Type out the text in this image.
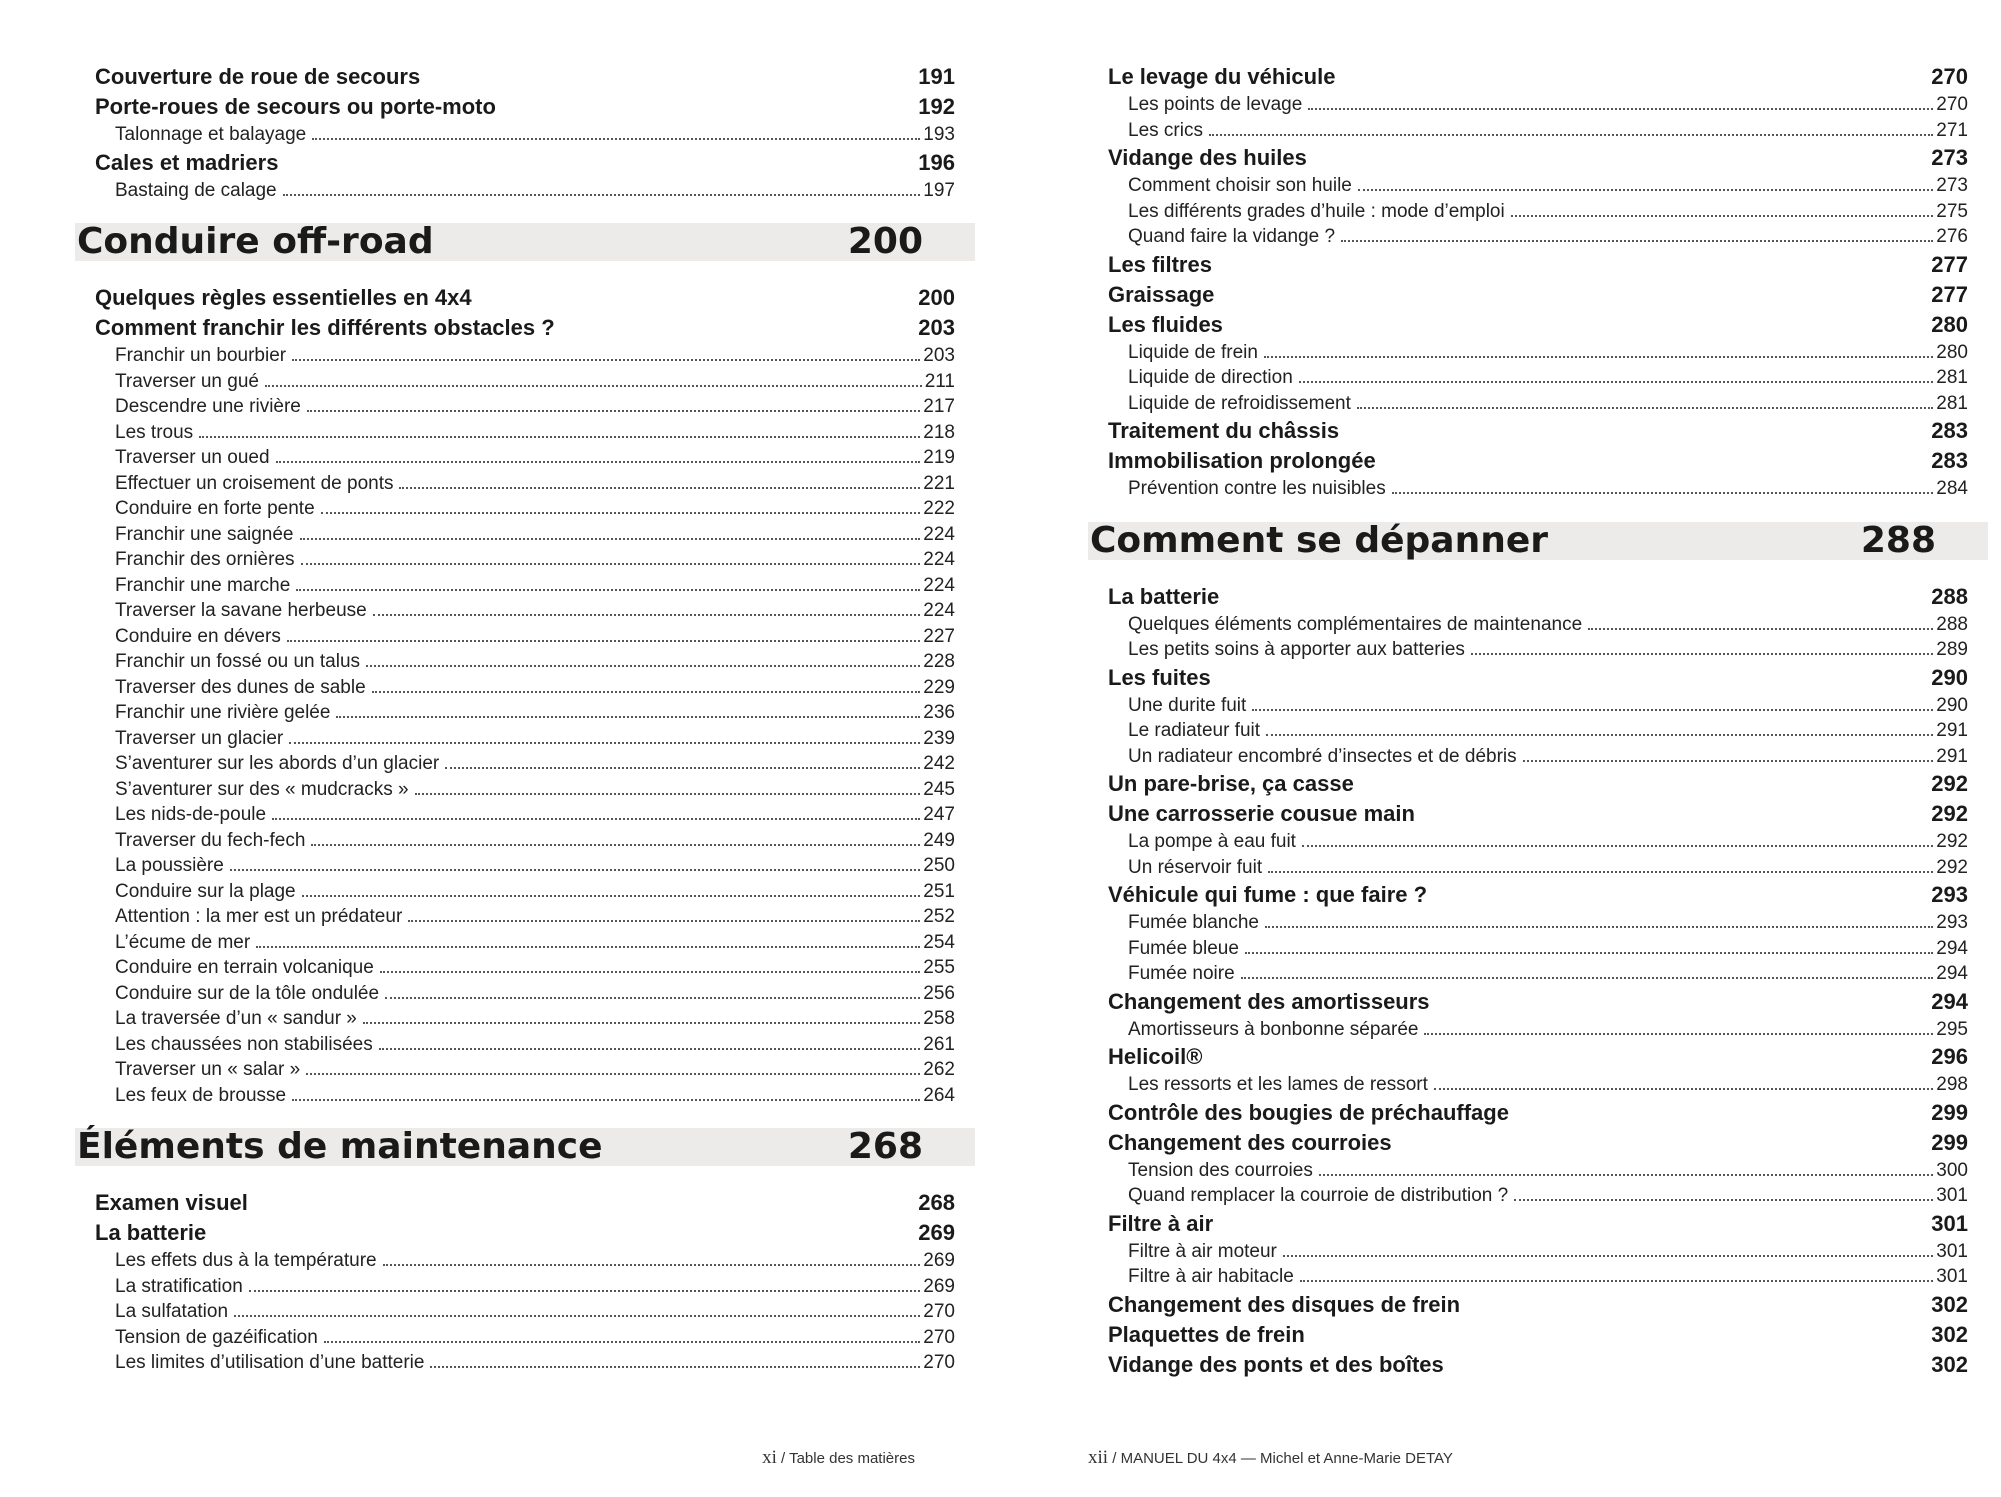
Couverture de roue de secours	191
Porte-roues de secours ou porte-moto	192
Talonnage et balayage	193
Cales et madriers	196
Bastaing de calage	197
Conduire off-road	200
Quelques règles essentielles en 4x4	200
Comment franchir les différents obstacles ?	203
Franchir un bourbier	203
Traverser un gué	211
Descendre une rivière	217
Les trous	218
Traverser un oued	219
Effectuer un croisement de ponts	221
Conduire en forte pente	222
Franchir une saignée	224
Franchir des ornières	224
Franchir une marche	224
Traverser la savane herbeuse	224
Conduire en dévers	227
Franchir un fossé ou un talus	228
Traverser des dunes de sable	229
Franchir une rivière gelée	236
Traverser un glacier	239
S’aventurer sur les abords d’un glacier	242
S’aventurer sur des « mudcracks »	245
Les nids-de-poule	247
Traverser du fech-fech	249
La poussière	250
Conduire sur la plage	251
Attention : la mer est un prédateur	252
L’écume de mer	254
Conduire en terrain volcanique	255
Conduire sur de la tôle ondulée	256
La traversée d’un « sandur »	258
Les chaussées non stabilisées	261
Traverser un « salar »	262
Les feux de brousse	264
Éléments de maintenance	268
Examen visuel	268
La batterie	269
Les effets dus à la température	269
La stratification	269
La sulfatation	270
Tension de gazéification	270
Les limites d’utilisation d’une batterie	270
xi / Table des matières
Le levage du véhicule	270
Les points de levage	270
Les crics	271
Vidange des huiles	273
Comment choisir son huile	273
Les différents grades d’huile : mode d’emploi	275
Quand faire la vidange ?	276
Les filtres	277
Graissage	277
Les fluides	280
Liquide de frein	280
Liquide de direction	281
Liquide de refroidissement	281
Traitement du châssis	283
Immobilisation prolongée	283
Prévention contre les nuisibles	284
Comment se dépanner	288
La batterie	288
Quelques éléments complémentaires de maintenance	288
Les petits soins à apporter aux batteries	289
Les fuites	290
Une durite fuit	290
Le radiateur fuit	291
Un radiateur encombré d’insectes et de débris	291
Un pare-brise, ça casse	292
Une carrosserie cousue main	292
La pompe à eau fuit	292
Un réservoir fuit	292
Véhicule qui fume : que faire ?	293
Fumée blanche	293
Fumée bleue	294
Fumée noire	294
Changement des amortisseurs	294
Amortisseurs à bonbonne séparée	295
Helicoil®	296
Les ressorts et les lames de ressort	298
Contrôle des bougies de préchauffage	299
Changement des courroies	299
Tension des courroies	300
Quand remplacer la courroie de distribution ?	301
Filtre à air	301
Filtre à air moteur	301
Filtre à air habitacle	301
Changement des disques de frein	302
Plaquettes de frein	302
Vidange des ponts et des boîtes	302
xii / MANUEL DU 4x4 — Michel et Anne-Marie DETAY
